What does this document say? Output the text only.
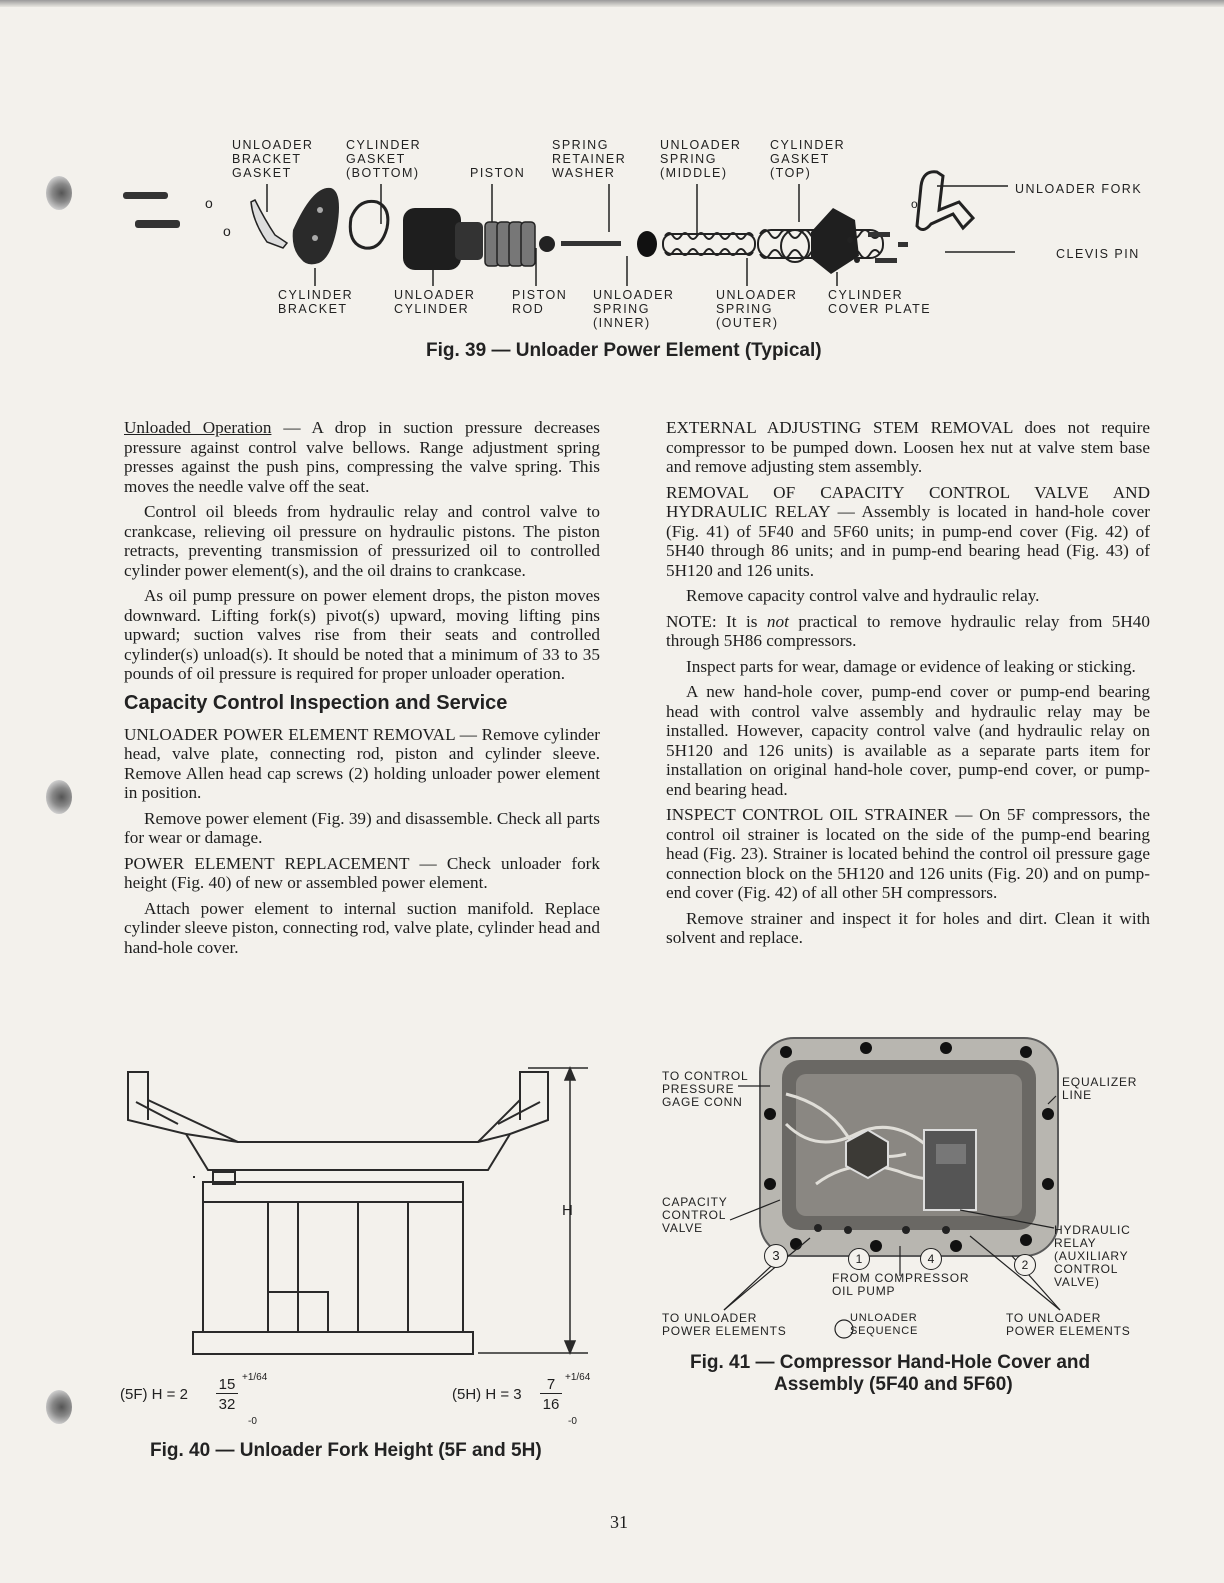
UNLOADER
BRACKET
GASKET
CYLINDER
GASKET
(BOTTOM)	PISTON
SPRING
RETAINER
WASHER
UNLOADER
SPRING
(MIDDLE)
CYLINDER
GASKET
(TOP)
UNLOADER FORK
CLEVIS PIN
o
o
o
CYLINDER
BRACKET
UNLOADER
CYLINDER
PISTON
ROD
UNLOADER
SPRING
(INNER)
UNLOADER
SPRING
(OUTER)
CYLINDER
COVER PLATE
Fig. 39 — Unloader Power Element (Typical)

Unloaded Operation — A drop in suction pressure decreases pressure against control valve bellows. Range adjustment spring presses against the push pins, compressing the valve spring. This moves the needle valve off the seat.

Control oil bleeds from hydraulic relay and control valve to crankcase, relieving oil pressure on hydraulic pistons. The piston retracts, preventing transmission of pressurized oil to controlled cylinder power element(s), and the oil drains to crankcase.

As oil pump pressure on power element drops, the piston moves downward. Lifting fork(s) pivot(s) upward, moving lifting pins upward; suction valves rise from their seats and controlled cylinder(s) unload(s). It should be noted that a minimum of 33 to 35 pounds of oil pressure is required for proper unloader operation.

Capacity Control Inspection and Service

UNLOADER POWER ELEMENT REMOVAL — Remove cylinder head, valve plate, connecting rod, piston and cylinder sleeve. Remove Allen head cap screws (2) holding unloader power element in position.

Remove power element (Fig. 39) and disassemble. Check all parts for wear or damage.

POWER ELEMENT REPLACEMENT — Check unloader fork height (Fig. 40) of new or assembled power element.

Attach power element to internal suction manifold. Replace cylinder sleeve piston, connecting rod, valve plate, cylinder head and hand-hole cover.

EXTERNAL ADJUSTING STEM REMOVAL does not require compressor to be pumped down. Loosen hex nut at valve stem base and remove adjusting stem assembly.

REMOVAL OF CAPACITY CONTROL VALVE AND HYDRAULIC RELAY — Assembly is located in hand-hole cover (Fig. 41) of 5F40 and 5F60 units; in pump-end cover (Fig. 42) of 5H40 through 86 units; and in pump-end bearing head (Fig. 43) of 5H120 and 126 units.

Remove capacity control valve and hydraulic relay.

NOTE: It is not practical to remove hydraulic relay from 5H40 through 5H86 compressors.

Inspect parts for wear, damage or evidence of leaking or sticking.

A new hand-hole cover, pump-end cover or pump-end bearing head with control valve assembly and hydraulic relay may be installed. However, capacity control valve (and hydraulic relay on 5H120 and 126 units) is available as a separate parts item for installation on original hand-hole cover, pump-end cover, or pump-end bearing head.

INSPECT CONTROL OIL STRAINER — On 5F compressors, the control oil strainer is located on the side of the pump-end bearing head (Fig. 23). Strainer is located behind the control oil pressure gage connection block on the 5H120 and 126 units (Fig. 20) and on pump-end cover (Fig. 42) of all other 5H compressors.

Remove strainer and inspect it for holes and dirt. Clean it with solvent and replace.

H
(5F) H = 2
15
32
+1/64
-0
(5H) H = 3
7
16
+1/64
-0
Fig. 40 — Unloader Fork Height (5F and 5H)
TO CONTROL
PRESSURE
GAGE CONN
EQUALIZER
LINE
CAPACITY
CONTROL
VALVE	HYDRAULIC
RELAY
(AUXILIARY
CONTROL
VALVE)
FROM COMPRESSOR
OIL PUMP
TO UNLOADER
POWER ELEMENTS
UNLOADER
SEQUENCE
TO UNLOADER
POWER ELEMENTS
3	1	4	2
Fig. 41 — Compressor Hand-Hole Cover and
Assembly (5F40 and 5F60)
31
